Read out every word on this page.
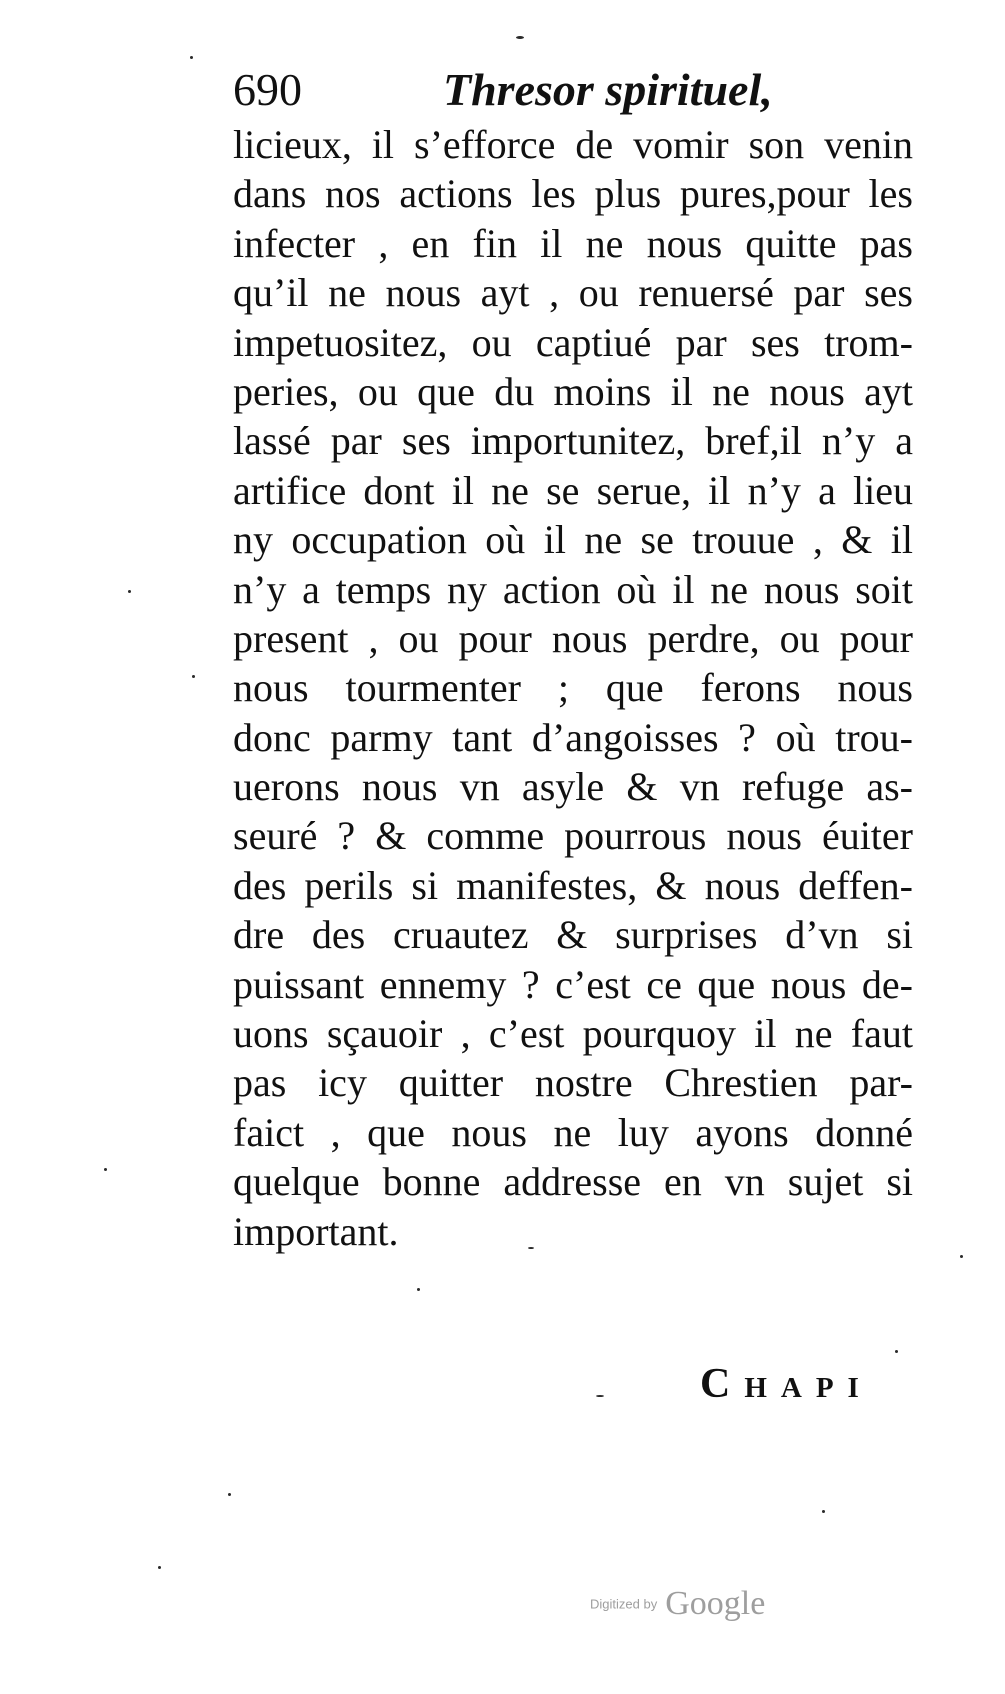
690	Thresor spirituel,
licieux, il s’efforce de vomir son venin
dans nos actions les plus pures,pour les
infecter , en fin il ne nous quitte pas
qu’il ne nous ayt , ou renuersé par ses
impetuositez, ou captiué par ses trom-
peries, ou que du moins il ne nous ayt
lassé par ses importunitez, bref,il n’y a
artifice dont il ne se serue, il n’y a lieu
ny occupation où il ne se trouue , & il
n’y a temps ny action où il ne nous soit
present , ou pour nous perdre, ou pour
nous tourmenter ; que ferons nous
donc parmy tant d’angoisses ? où trou-
uerons nous vn asyle & vn refuge as-
seuré ? & comme pourrous nous éuiter
des perils si manifestes, & nous deffen-
dre des cruautez & surprises d’vn si
puissant ennemy ? c’est ce que nous de-
uons sçauoir , c’est pourquoy il ne faut
pas icy quitter nostre Chrestien par-
faict , que nous ne luy ayons donné
quelque bonne addresse en vn sujet si
important.
Chapi
Digitized by Google
